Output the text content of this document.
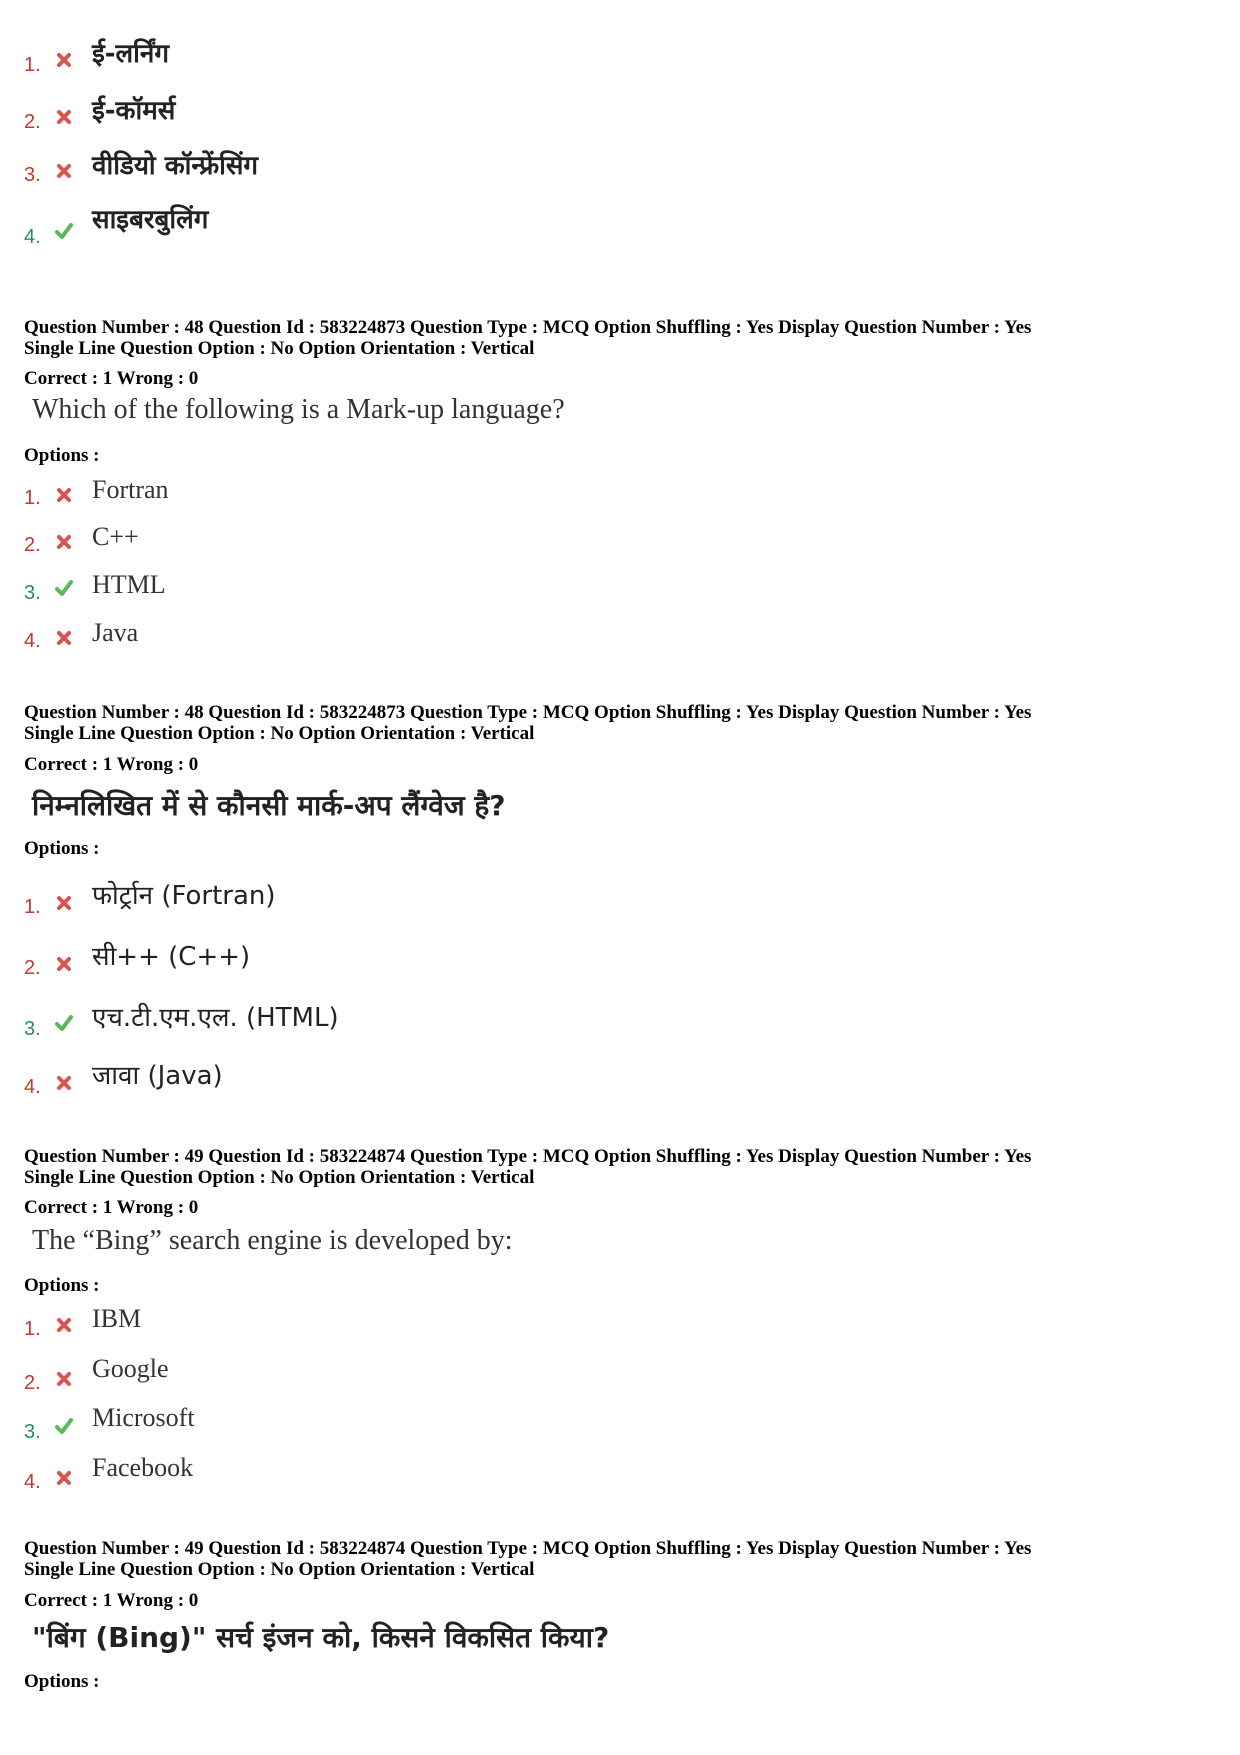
1. ई-लर्निंग
2. ई-कॉमर्स
3. वीडियो कॉन्फ्रेंसिंग
4.
साइबरबुलिंग
Question Number : 48 Question Id : 583224873 Question Type : MCQ Option Shuffling : Yes Display Question Number : Yes
Single Line Question Option : No Option Orientation : Vertical
Correct : 1 Wrong : 0
Which of the following is a Mark-up language?
Options :
1. Fortran
2. C++
3. HTML
4. Java
Question Number : 48 Question Id : 583224873 Question Type : MCQ Option Shuffling : Yes Display Question Number : Yes
Single Line Question Option : No Option Orientation : Vertical
Correct : 1 Wrong : 0
निम्नलिखित में से कौनसी मार्क-अप लैंग्वेज है?
Options :
1. फोर्ट्रान (Fortran)
2. सी++ (C++)
3. एच.टी.एम.एल. (HTML)
4. जावा (Java)
Question Number : 49 Question Id : 583224874 Question Type : MCQ Option Shuffling : Yes Display Question Number : Yes
Single Line Question Option : No Option Orientation : Vertical
Correct : 1 Wrong : 0
The “Bing” search engine is developed by:
Options :
1. IBM
2. Google
3. Microsoft
4. Facebook
Question Number : 49 Question Id : 583224874 Question Type : MCQ Option Shuffling : Yes Display Question Number : Yes
Single Line Question Option : No Option Orientation : Vertical
Correct : 1 Wrong : 0
"बिंग (Bing)" सर्च इंजन को, किसने विकसित किया?
Options :
